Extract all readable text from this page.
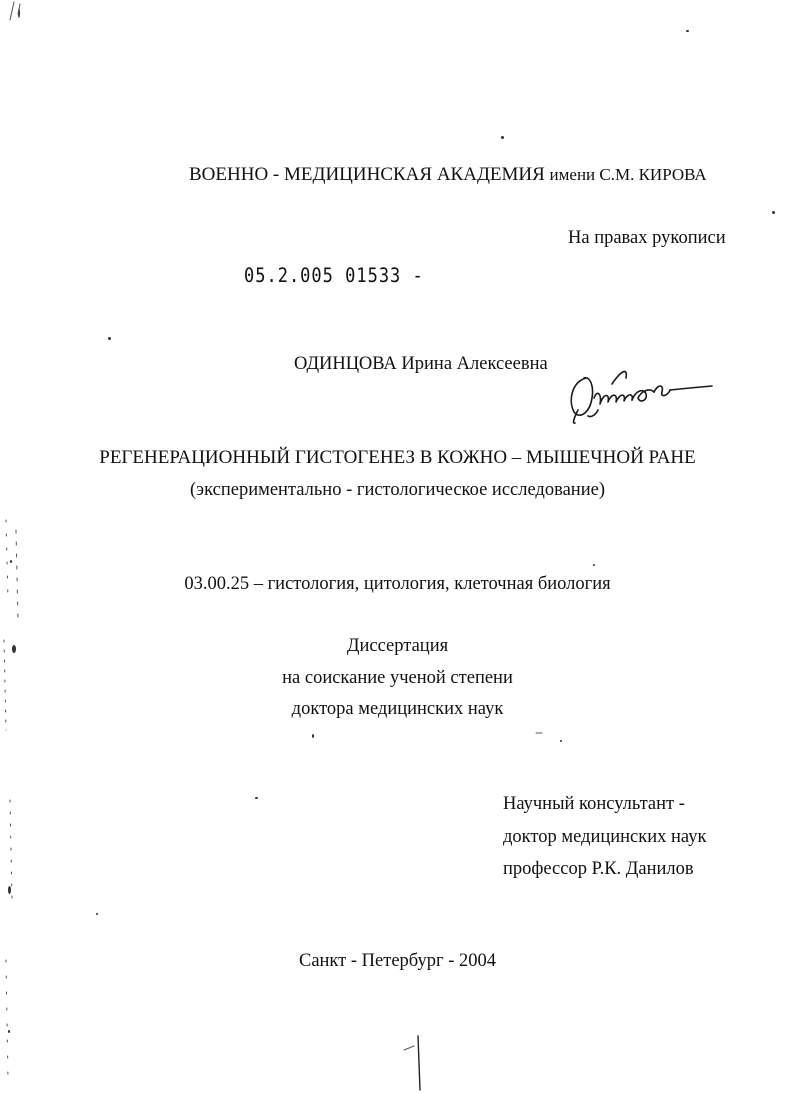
ВОЕННО - МЕДИЦИНСКАЯ АКАДЕМИЯ имени С.М. КИРОВА
На правах рукописи
05.2.005 01533 -
ОДИНЦОВА Ирина Алексеевна
РЕГЕНЕРАЦИОННЫЙ ГИСТОГЕНЕЗ В КОЖНО – МЫШЕЧНОЙ РАНЕ
(экспериментально - гистологическое исследование)
03.00.25 – гистология, цитология, клеточная биология
Диссертация
на соискание ученой степени
доктора медицинских наук
Научный консультант -
доктор медицинских наук
профессор Р.К. Данилов
Санкт - Петербург - 2004
